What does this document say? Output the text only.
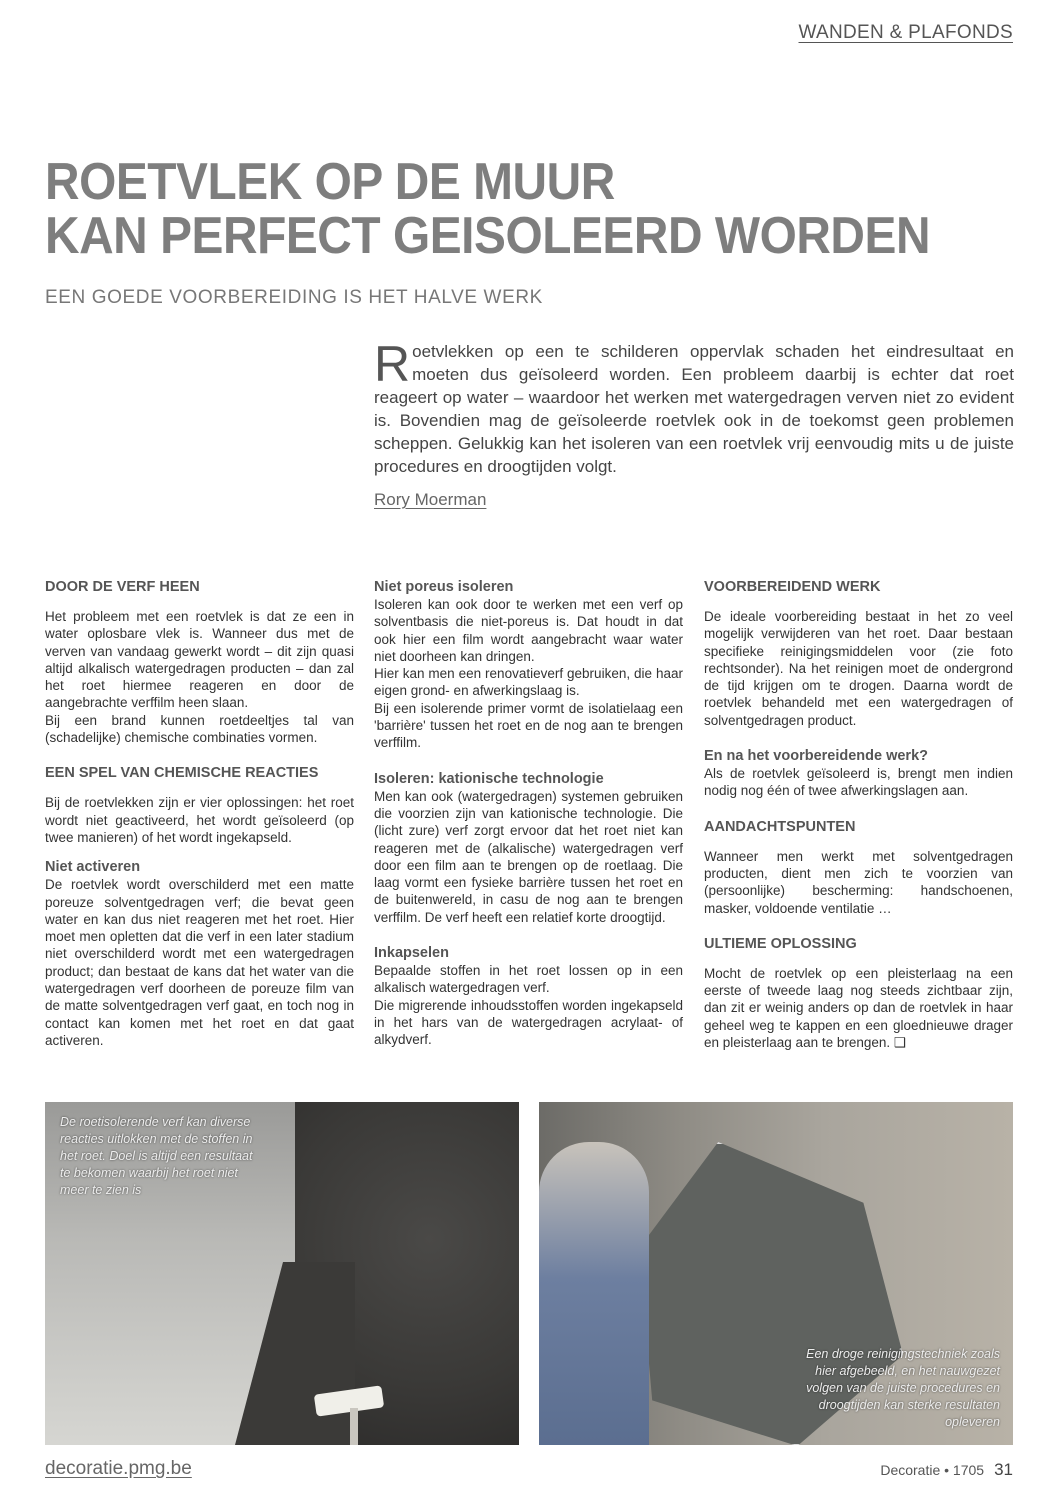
WANDEN & PLAFONDS
ROETVLEK OP DE MUUR
KAN PERFECT GEISOLEERD WORDEN
EEN GOEDE VOORBEREIDING IS HET HALVE WERK
Roetvlekken op een te schilderen oppervlak schaden het eindresultaat en moeten dus geïsoleerd worden. Een probleem daarbij is echter dat roet reageert op water – waardoor het werken met watergedragen verven niet zo evident is. Bovendien mag de geïsoleerde roetvlek ook in de toekomst geen problemen scheppen. Gelukkig kan het isoleren van een roetvlek vrij eenvoudig mits u de juiste procedures en droogtijden volgt.
Rory Moerman
DOOR DE VERF HEEN

Het probleem met een roetvlek is dat ze een in water oplosbare vlek is. Wanneer dus met de verven van vandaag gewerkt wordt – dit zijn quasi altijd alkalisch watergedragen producten – dan zal het roet hiermee reageren en door de aangebrachte verffilm heen slaan.

Bij een brand kunnen roetdeeltjes tal van (schadelijke) chemische combinaties vormen.

EEN SPEL VAN CHEMISCHE REACTIES

Bij de roetvlekken zijn er vier oplossingen: het roet wordt niet geactiveerd, het wordt geïsoleerd (op twee manieren) of het wordt ingekapseld.

Niet activeren

De roetvlek wordt overschilderd met een matte poreuze solventgedragen verf; die bevat geen water en kan dus niet reageren met het roet. Hier moet men opletten dat die verf in een later stadium niet overschilderd wordt met een watergedragen product; dan bestaat de kans dat het water van die watergedragen verf doorheen de poreuze film van de matte solventgedragen verf gaat, en toch nog in contact kan komen met het roet en dat gaat activeren.

Niet poreus isoleren

Isoleren kan ook door te werken met een verf op solventbasis die niet-poreus is. Dat houdt in dat ook hier een film wordt aangebracht waar water niet doorheen kan dringen.

Hier kan men een renovatieverf gebruiken, die haar eigen grond- en afwerkingslaag is.

Bij een isolerende primer vormt de isolatielaag een 'barrière' tussen het roet en de nog aan te brengen verffilm.

Isoleren: kationische technologie

Men kan ook (watergedragen) systemen gebruiken die voorzien zijn van kationische technologie. Die (licht zure) verf zorgt ervoor dat het roet niet kan reageren met de (alkalische) watergedragen verf door een film aan te brengen op de roetlaag. Die laag vormt een fysieke barrière tussen het roet en de buitenwereld, in casu de nog aan te brengen verffilm. De verf heeft een relatief korte droogtijd.

Inkapselen

Bepaalde stoffen in het roet lossen op in een alkalisch watergedragen verf.

Die migrerende inhoudsstoffen worden ingekapseld in het hars van de watergedragen acrylaat- of alkydverf.

VOORBEREIDEND WERK

De ideale voorbereiding bestaat in het zo veel mogelijk verwijderen van het roet. Daar bestaan specifieke reinigingsmiddelen voor (zie foto rechtsonder). Na het reinigen moet de ondergrond de tijd krijgen om te drogen. Daarna wordt de roetvlek behandeld met een watergedragen of solventgedragen product.

En na het voorbereidende werk?

Als de roetvlek geïsoleerd is, brengt men indien nodig nog één of twee afwerkingslagen aan.

AANDACHTSPUNTEN

Wanneer men werkt met solventgedragen producten, dient men zich te voorzien van (persoonlijke) bescherming: handschoenen, masker, voldoende ventilatie …

ULTIEME OPLOSSING

Mocht de roetvlek op een pleisterlaag na een eerste of tweede laag nog steeds zichtbaar zijn, dan zit er weinig anders op dan de roetvlek in haar geheel weg te kappen en een gloednieuwe drager en pleisterlaag aan te brengen. ❑

De roetisolerende verf kan diverse reacties uitlokken met de stoffen in het roet. Doel is altijd een resultaat te bekomen waarbij het roet niet meer te zien is
Een droge reinigingstechniek zoals hier afgebeeld, en het nauwgezet volgen van de juiste procedures en droogtijden kan sterke resultaten opleveren
decoratie.pmg.be	Decoratie • 1705 31
